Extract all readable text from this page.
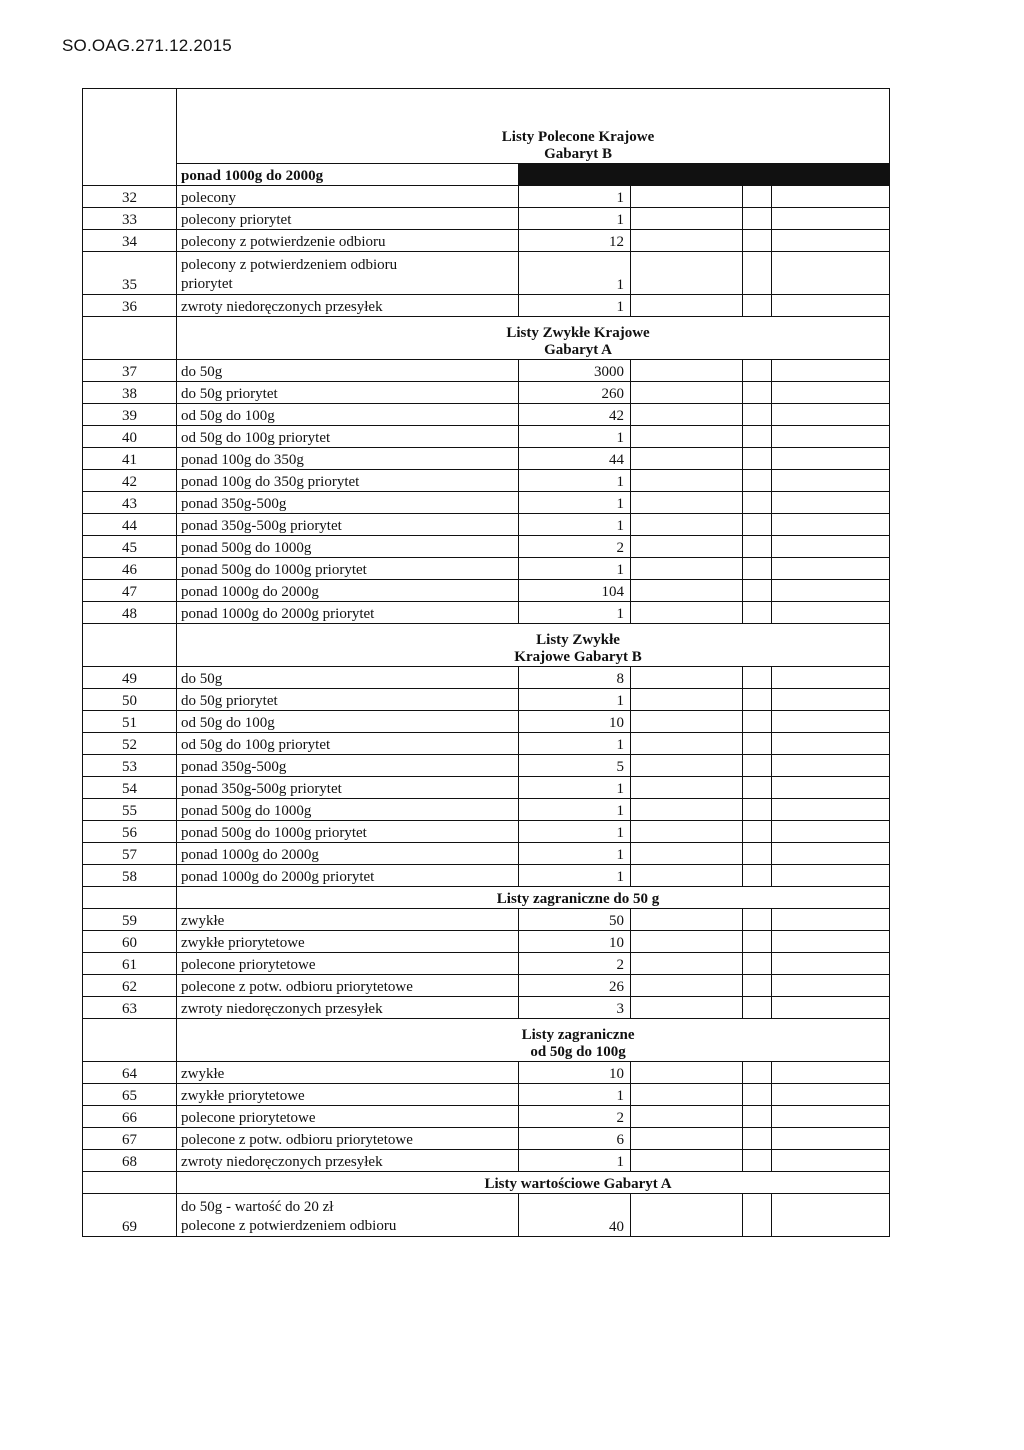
SO.OAG.271.12.2015

	Listy Polecone Krajowe
Gabaryt B				

	ponad 1000g do 2000g				
32	polecony	1			
33	polecony priorytet	1			
34	polecony z potwierdzenie odbioru	12			
35	polecony z potwierdzeniem odbioru
priorytet	1			
36	zwroty niedoręczonych przesyłek	1			

	Listy Zwykłe Krajowe
Gabaryt A				

37	do 50g	3000			
38	do 50g priorytet	260			
39	od 50g do 100g	42			
40	od 50g do 100g priorytet	1			
41	ponad 100g do 350g	44			
42	ponad 100g do 350g priorytet	1			
43	ponad 350g-500g	1			
44	ponad 350g-500g priorytet	1			
45	ponad 500g do 1000g	2			
46	ponad 500g do 1000g priorytet	1			
47	ponad 1000g do 2000g	104			
48	ponad 1000g do 2000g priorytet	1			

	Listy Zwykłe
Krajowe Gabaryt B				

49	do 50g	8			
50	do 50g priorytet	1			
51	od 50g do 100g	10			
52	od 50g do 100g priorytet	1			
53	ponad 350g-500g	5			
54	ponad 350g-500g priorytet	1			
55	ponad 500g do 1000g	1			
56	ponad 500g do 1000g priorytet	1			
57	ponad 1000g do 2000g	1			
58	ponad 1000g do 2000g priorytet	1			

	Listy zagraniczne do 50 g				

59	zwykłe	50			
60	zwykłe priorytetowe	10			
61	polecone priorytetowe	2			
62	polecone z potw. odbioru priorytetowe	26			
63	zwroty niedoręczonych przesyłek	3			

	Listy zagraniczne
od 50g do 100g				

64	zwykłe	10			
65	zwykłe priorytetowe	1			
66	polecone priorytetowe	2			
67	polecone z potw. odbioru priorytetowe	6			
68	zwroty niedoręczonych przesyłek	1			

	Listy wartościowe Gabaryt A				

69	do 50g - wartość do 20 zł
polecone z potwierdzeniem odbioru	40			
